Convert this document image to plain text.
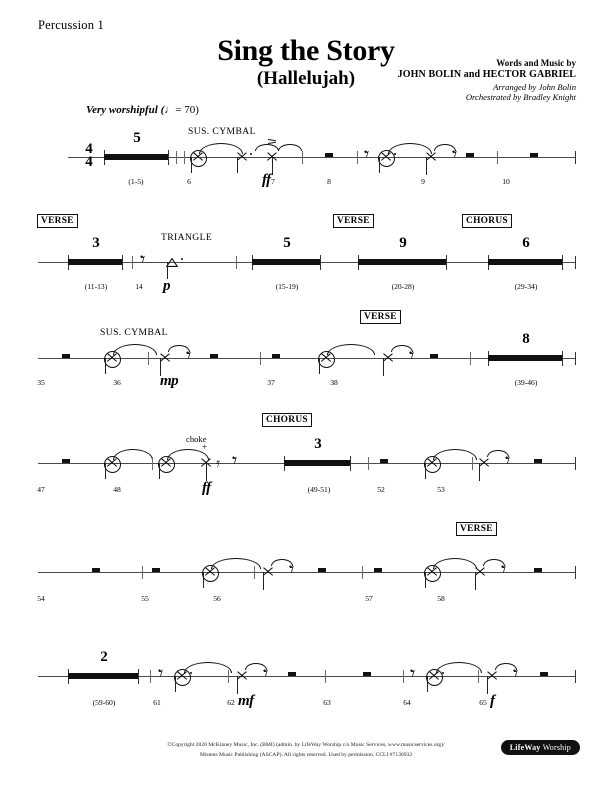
Percussion 1
Sing the Story
(Hallelujah)
Words and Music by
JOHN BOLIN and HECTOR GABRIEL
Arranged by John Bolin
Orchestrated by Bradley Knight
Very worshipful (♩= 70)
4
4
5
(1-5)
SUS. CYMBAL
6	7
ff	8
𝄾	𝄾
9	10
VERSE
3
(11-13)
𝄾
TRIANGLE
p
14
5
(15-19)
VERSE
9
(20-28)
CHORUS
6
(29-34)
35
SUS. CYMBAL
𝄾
mp
36	37
VERSE
𝄾
38
8
(39-46)
47
choke
+
𝄿 𝄾
ff
48
CHORUS
3
(49-51)	52
𝄾
53
54	55
𝄾
56	57
VERSE
𝄾
58
2
(59-60)
𝄾
61
𝄾
mf
62	63
𝄾
64
𝄾
f
65
©Copyright 2020 McKinney Music, Inc. (BMI) (admin. by LifeWay Worship c/o Music Services, www.musicservices.org)/
Mistens Music Publishing (ASCAP). All rights reserved. Used by permission. CCLI #7130932
LifeWay Worship
